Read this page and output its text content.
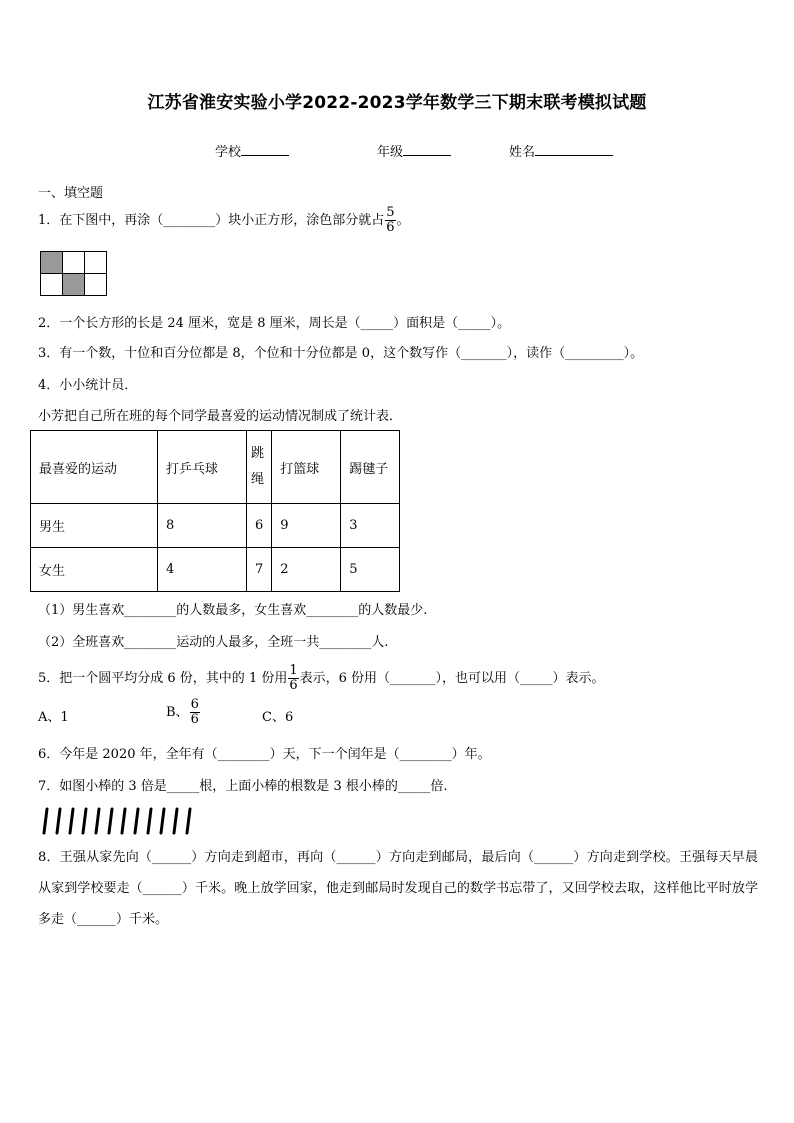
江苏省淮安实验小学2022-2023学年数学三下期末联考模拟试题
学校	年级	姓名
一、填空题
1．在下图中，再涂（________）块小正方形，涂色部分就占 $\frac{5}{6}$ 。

2．一个长方形的长是 24 厘米，宽是 8 厘米，周长是（_____）面积是（_____）。
3．有一个数，十位和百分位都是 8，个位和十分位都是 0，这个数写作（_______），读作（_________）。
4．小小统计员．
小芳把自己所在班的每个同学最喜爱的运动情况制成了统计表．
最喜爱的运动	打乒乓球	跳绳	打篮球	踢毽子
男生	8	6	9	3
女生	4	7	2	5
（1）男生喜欢________的人数最多，女生喜欢________的人数最少.
（2）全班喜欢________运动的人最多，全班一共________人.
5．把一个圆平均分成 6 份，其中的 1 份用 $\frac{1}{6}$ 表示，6 份用（_______），也可以用（_____）表示。
A、1	B、 $\frac{6}{6}$	C、6
6．今年是 2020 年，全年有（________）天，下一个闰年是（________）年。
7．如图小棒的 3 倍是_____根，上面小棒的根数是 3 根小棒的_____倍.
8．王强从家先向（______）方向走到超市，再向（______）方向走到邮局，最后向（______）方向走到学校。王强每天早晨从家到学校要走（______）千米。晚上放学回家，他走到邮局时发现自己的数学书忘带了，又回学校去取，这样他比平时放学多走（______）千米。
